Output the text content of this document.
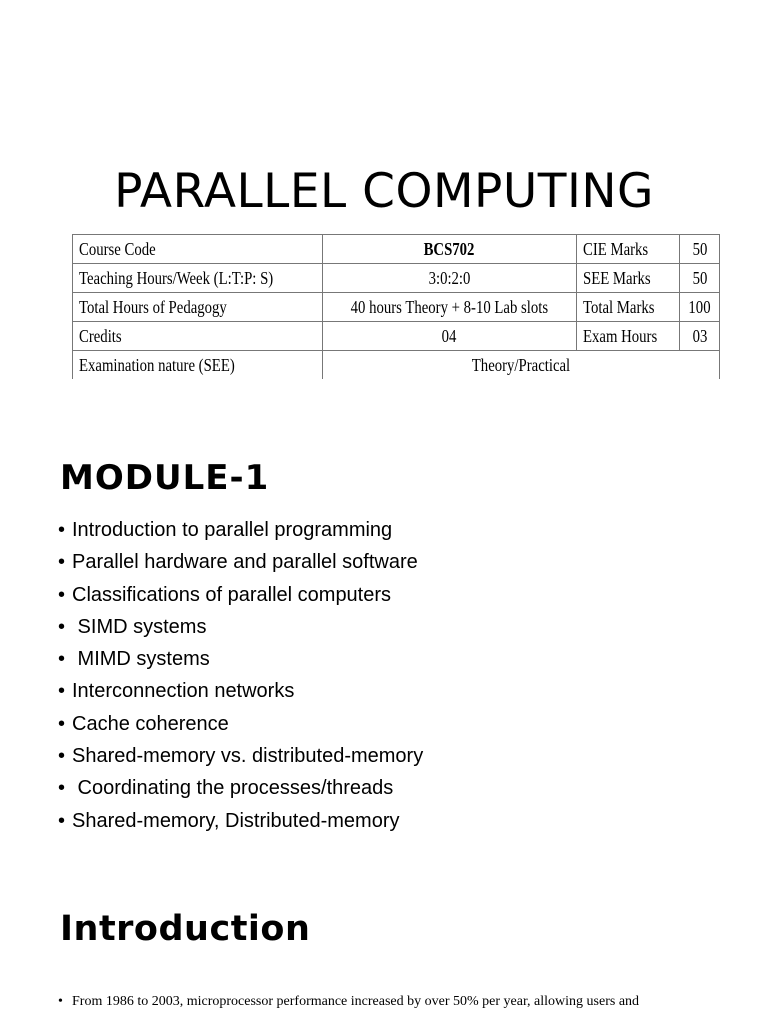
PARALLEL COMPUTING
Course Code	BCS702	CIE Marks	50
Teaching Hours/Week (L:T:P: S)	3:0:2:0	SEE Marks	50
Total Hours of Pedagogy	40 hours Theory + 8-10 Lab slots	Total Marks	100
Credits	04	Exam Hours	03
Examination nature (SEE)	Theory/Practical		
MODULE-1
• Introduction to parallel programming
• Parallel hardware and parallel software
• Classifications of parallel computers
• SIMD systems
• MIMD systems
• Interconnection networks
• Cache coherence
• Shared-memory vs. distributed-memory
• Coordinating the processes/threads
• Shared-memory, Distributed-memory
Introduction
• From 1986 to 2003, microprocessor performance increased by over 50% per year, allowing users and
